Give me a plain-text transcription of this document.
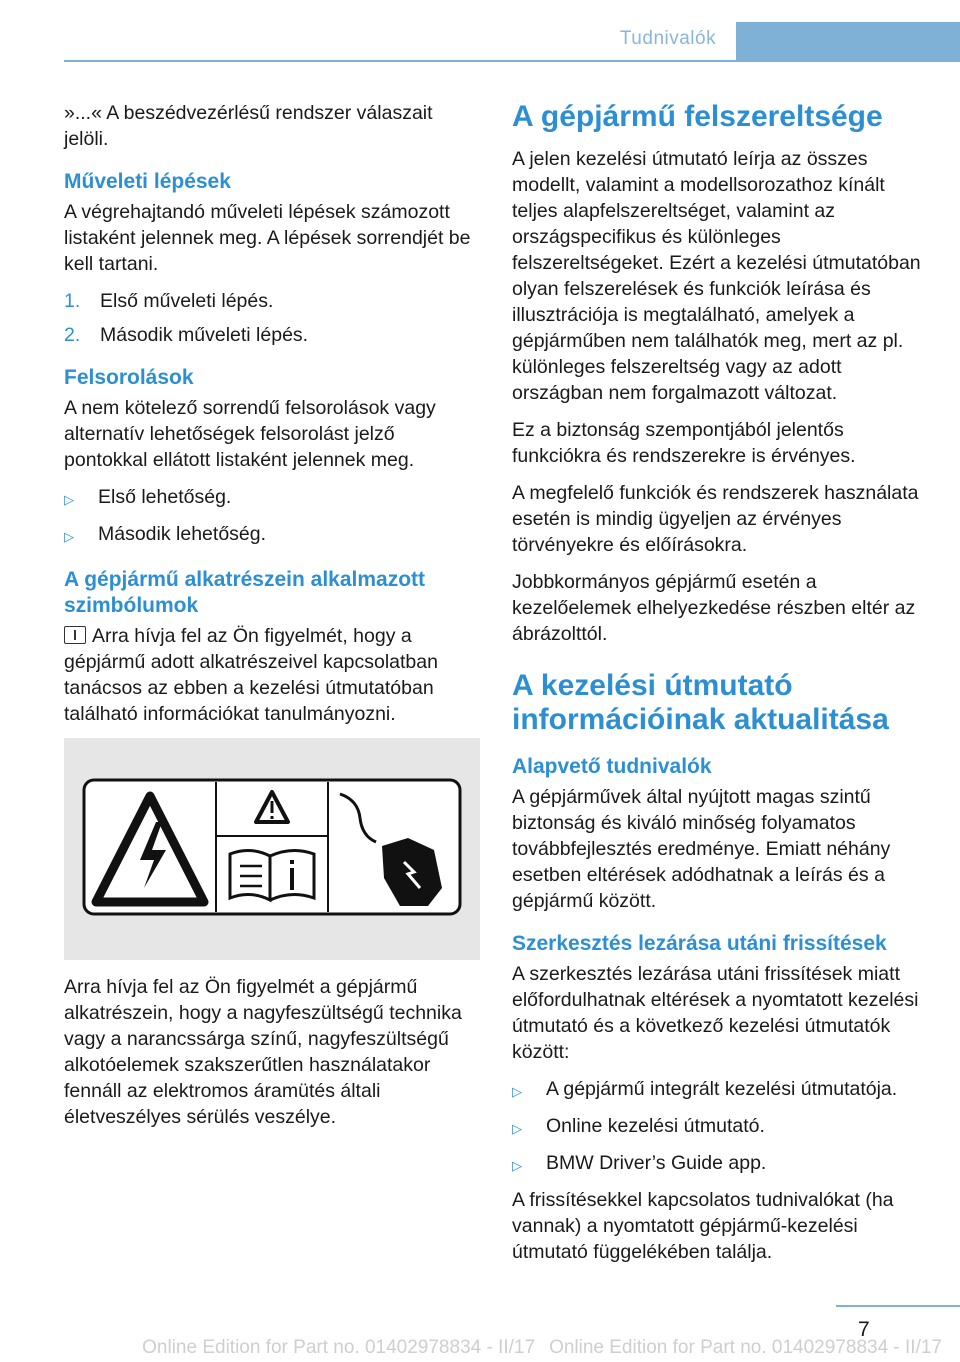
Tudnivalók

»...« A beszédvezérlésű rendszer válaszait jelöli.

Műveleti lépések

A végrehajtandó műveleti lépések számozott listaként jelennek meg. A lépések sorrendjét be kell tartani.

1.	Első műveleti lépés.
2.	Második műveleti lépés.
Felsorolások

A nem kötelező sorrendű felsorolások vagy alternatív lehetőségek felsorolást jelző pontokkal ellátott listaként jelennek meg.

▷	Első lehetőség.
▷	Második lehetőség.
A gépjármű alkatrészein alkalmazott szimbólumok

Arra hívja fel az Ön figyelmét, hogy a gépjármű adott alkatrészeivel kapcsolatban tanácsos az ebben a kezelési útmutatóban található információkat tanulmányozni.

Arra hívja fel az Ön figyelmét a gépjármű alkatrészein, hogy a nagyfeszültségű technika vagy a narancssárga színű, nagyfeszültségű alkotóelemek szakszerűtlen használatakor fennáll az elektromos áramütés általi életveszélyes sérülés veszélye.

A gépjármű felszereltsége

A jelen kezelési útmutató leírja az összes modellt, valamint a modellsorozathoz kínált teljes alapfelszereltséget, valamint az országspecifikus és különleges felszereltségeket. Ezért a kezelési útmutatóban olyan felszerelések és funkciók leírása és illusztrációja is megtalálható, amelyek a gépjárműben nem találhatók meg, mert az pl. különleges felszereltség vagy az adott országban nem forgalmazott változat.

Ez a biztonság szempontjából jelentős funkciókra és rendszerekre is érvényes.

A megfelelő funkciók és rendszerek használata esetén is mindig ügyeljen az érvényes törvényekre és előírásokra.

Jobbkormányos gépjármű esetén a kezelőelemek elhelyezkedése részben eltér az ábrázolttól.

A kezelési útmutató információinak aktualitása
Alapvető tudnivalók

A gépjárművek által nyújtott magas szintű biztonság és kiváló minőség folyamatos továbbfejlesztés eredménye. Emiatt néhány esetben eltérések adódhatnak a leírás és a gépjármű között.

Szerkesztés lezárása utáni frissítések

A szerkesztés lezárása utáni frissítések miatt előfordulhatnak eltérések a nyomtatott kezelési útmutató és a következő kezelési útmutatók között:

▷	A gépjármű integrált kezelési útmutatója.
▷	Online kezelési útmutató.
▷	BMW Driver’s Guide app.

A frissítésekkel kapcsolatos tudnivalókat (ha vannak) a nyomtatott gépjármű-kezelési útmutató függelékében találja.

7
Online Edition for Part no. 01402978834 - II/17 Online Edition for Part no. 01402978834 - II/17
